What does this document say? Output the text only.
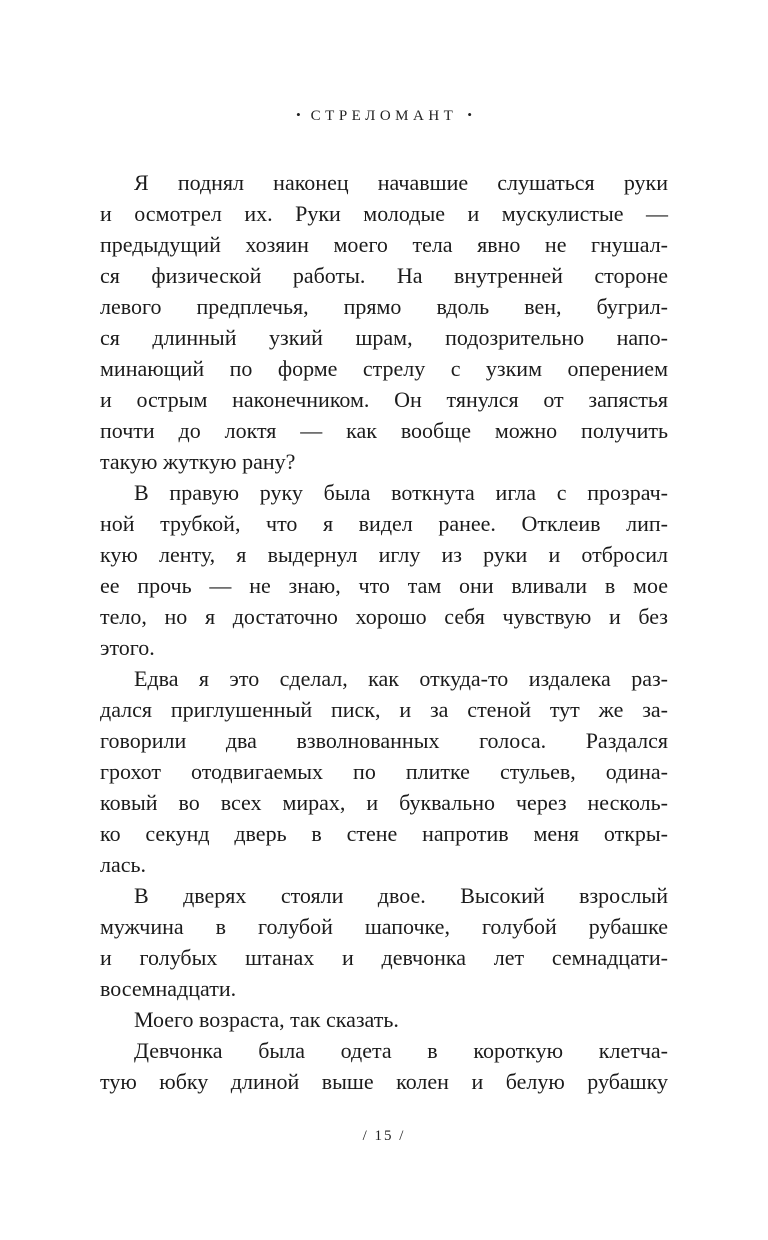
• СТРЕЛОМАНТ •
Я поднял наконец начавшие слушаться руки
и осмотрел их. Руки молодые и мускулистые —
предыдущий хозяин моего тела явно не гнушал-
ся физической работы. На внутренней стороне
левого предплечья, прямо вдоль вен, бугрил-
ся длинный узкий шрам, подозрительно напо-
минающий по форме стрелу с узким оперением
и острым наконечником. Он тянулся от запястья
почти до локтя — как вообще можно получить
такую жуткую рану?
В правую руку была воткнута игла с прозрач-
ной трубкой, что я видел ранее. Отклеив лип-
кую ленту, я выдернул иглу из руки и отбросил
ее прочь — не знаю, что там они вливали в мое
тело, но я достаточно хорошо себя чувствую и без
этого.
Едва я это сделал, как откуда-то издалека раз-
дался приглушенный писк, и за стеной тут же за-
говорили два взволнованных голоса. Раздался
грохот отодвигаемых по плитке стульев, одина-
ковый во всех мирах, и буквально через несколь-
ко секунд дверь в стене напротив меня откры-
лась.
В дверях стояли двое. Высокий взрослый
мужчина в голубой шапочке, голубой рубашке
и голубых штанах и девчонка лет семнадцати-
восемнадцати.
Моего возраста, так сказать.
Девчонка была одета в короткую клетча-
тую юбку длиной выше колен и белую рубашку
/ 15 /
